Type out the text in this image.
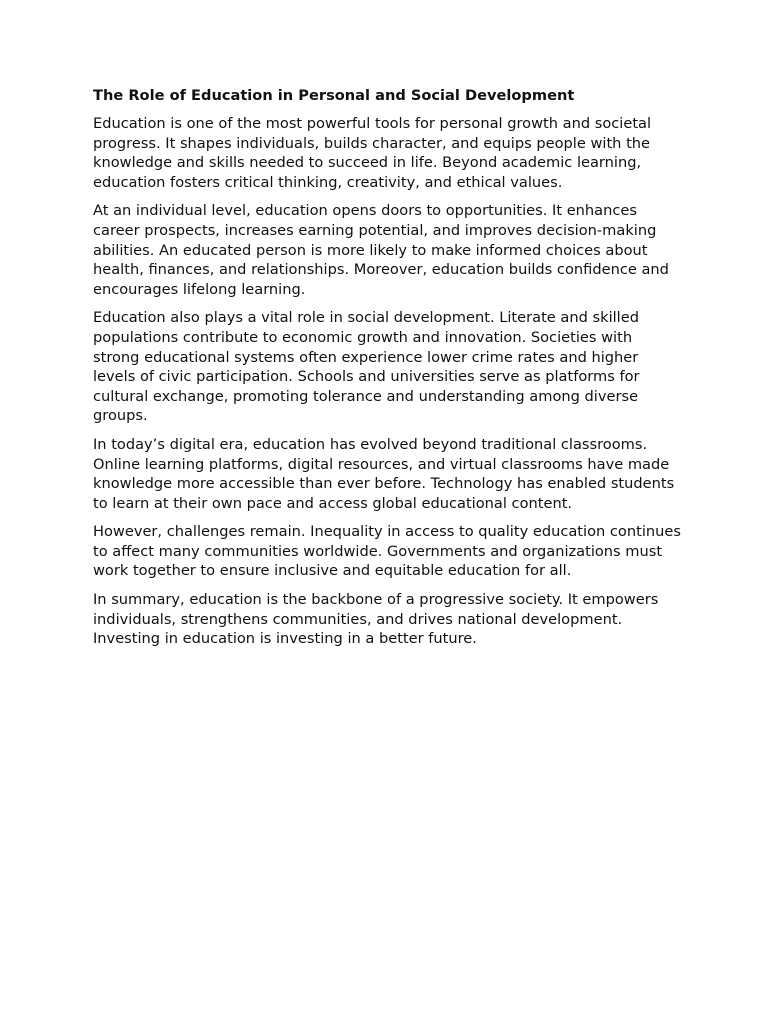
The Role of Education in Personal and Social Development

Education is one of the most powerful tools for personal growth and societal progress. It shapes individuals, builds character, and equips people with the knowledge and skills needed to succeed in life. Beyond academic learning, education fosters critical thinking, creativity, and ethical values.

At an individual level, education opens doors to opportunities. It enhances career prospects, increases earning potential, and improves decision-making abilities. An educated person is more likely to make informed choices about health, finances, and relationships. Moreover, education builds confidence and encourages lifelong learning.

Education also plays a vital role in social development. Literate and skilled populations contribute to economic growth and innovation. Societies with strong educational systems often experience lower crime rates and higher levels of civic participation. Schools and universities serve as platforms for cultural exchange, promoting tolerance and understanding among diverse groups.

In today’s digital era, education has evolved beyond traditional classrooms. Online learning platforms, digital resources, and virtual classrooms have made knowledge more accessible than ever before. Technology has enabled students to learn at their own pace and access global educational content.

However, challenges remain. Inequality in access to quality education continues to affect many communities worldwide. Governments and organizations must work together to ensure inclusive and equitable education for all.

In summary, education is the backbone of a progressive society. It empowers individuals, strengthens communities, and drives national development. Investing in education is investing in a better future.
